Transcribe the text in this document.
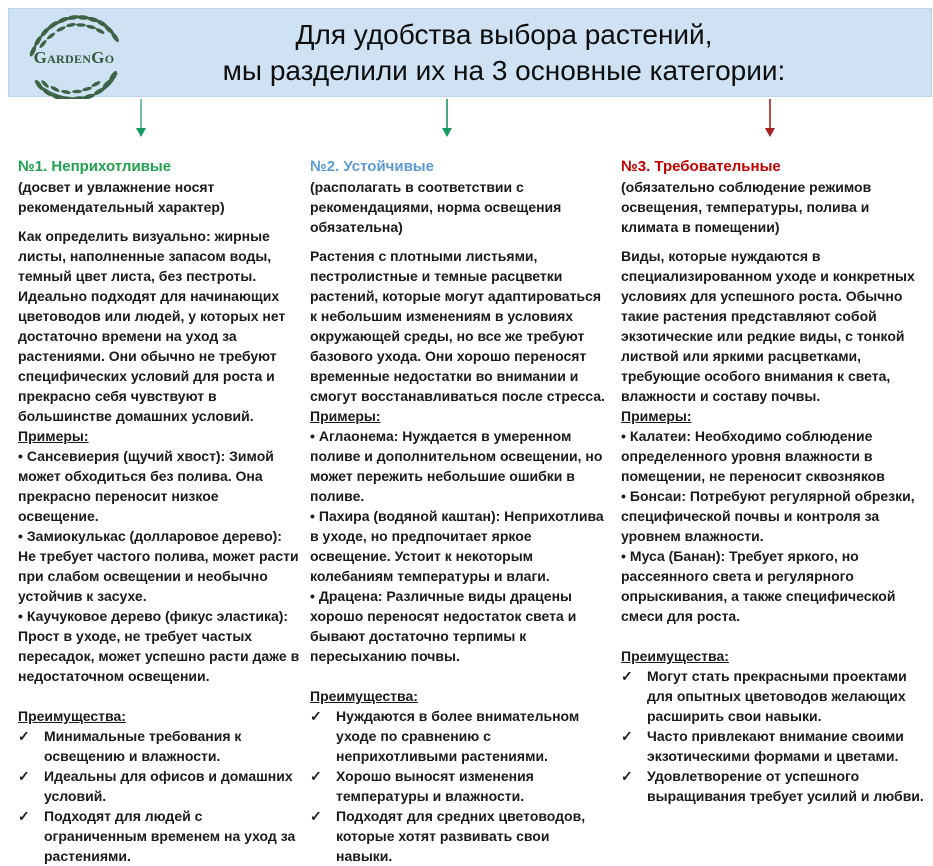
GardenGo
Для удобства выбора растений,
мы разделили их на 3 основные категории:

№1. Неприхотливые

(досвет и увлажнение носят рекомендательный характер)

Как определить визуально: жирные листы, наполненные запасом воды, темный цвет листа, без пестроты. Идеально подходят для начинающих цветоводов или людей, у которых нет достаточно времени на уход за растениями. Они обычно не требуют специфических условий для роста и прекрасно себя чувствуют в большинстве домашних условий.

Примеры:

• Сансевиерия (щучий хвост): Зимой может обходиться без полива. Она прекрасно переносит низкое освещение.

• Замиокулькас (долларовое дерево): Не требует частого полива, может расти при слабом освещении и необычно устойчив к засухе.

• Каучуковое дерево (фикус эластика): Прост в уходе, не требует частых пересадок, может успешно расти даже в недостаточном освещении.

Преимущества:

✓	Минимальные требования к освещению и влажности.
✓	Идеальны для офисов и домашних условий.
✓	Подходят для людей с ограниченным временем на уход за растениями.

№2. Устойчивые

(располагать в соответствии с рекомендациями, норма освещения обязательна)

Растения с плотными листьями, пестролистные и темные расцветки растений, которые могут адаптироваться к небольшим изменениям в условиях окружающей среды, но все же требуют базового ухода. Они хорошо переносят временные недостатки во внимании и смогут восстанавливаться после стресса.

Примеры:

• Аглаонема: Нуждается в умеренном поливе и дополнительном освещении, но может пережить небольшие ошибки в поливе.

• Пахира (водяной каштан): Неприхотлива в уходе, но предпочитает яркое освещение. Устоит к некоторым колебаниям температуры и влаги.

• Драцена: Различные виды драцены хорошо переносят недостаток света и бывают достаточно терпимы к пересыханию почвы.

Преимущества:

✓	Нуждаются в более внимательном уходе по сравнению с неприхотливыми растениями.
✓	Хорошо выносят изменения температуры и влажности.
✓	Подходят для средних цветоводов, которые хотят развивать свои навыки.

№3. Требовательные

(обязательно соблюдение режимов освещения, температуры, полива и климата в помещении)

Виды, которые нуждаются в специализированном уходе и конкретных условиях для успешного роста. Обычно такие растения представляют собой экзотические или редкие виды, с тонкой листвой или яркими расцветками, требующие особого внимания к света, влажности и составу почвы.

Примеры:

• Калатеи: Необходимо соблюдение определенного уровня влажности в помещении, не переносит сквозняков

• Бонсаи: Потребуют регулярной обрезки, специфической почвы и контроля за уровнем влажности.

• Муса (Банан): Требует яркого, но рассеянного света и регулярного опрыскивания, а также специфической смеси для роста.

Преимущества:

✓	Могут стать прекрасными проектами для опытных цветоводов желающих расширить свои навыки.
✓	Часто привлекают внимание своими экзотическими формами и цветами.
✓	Удовлетворение от успешного выращивания требует усилий и любви.
